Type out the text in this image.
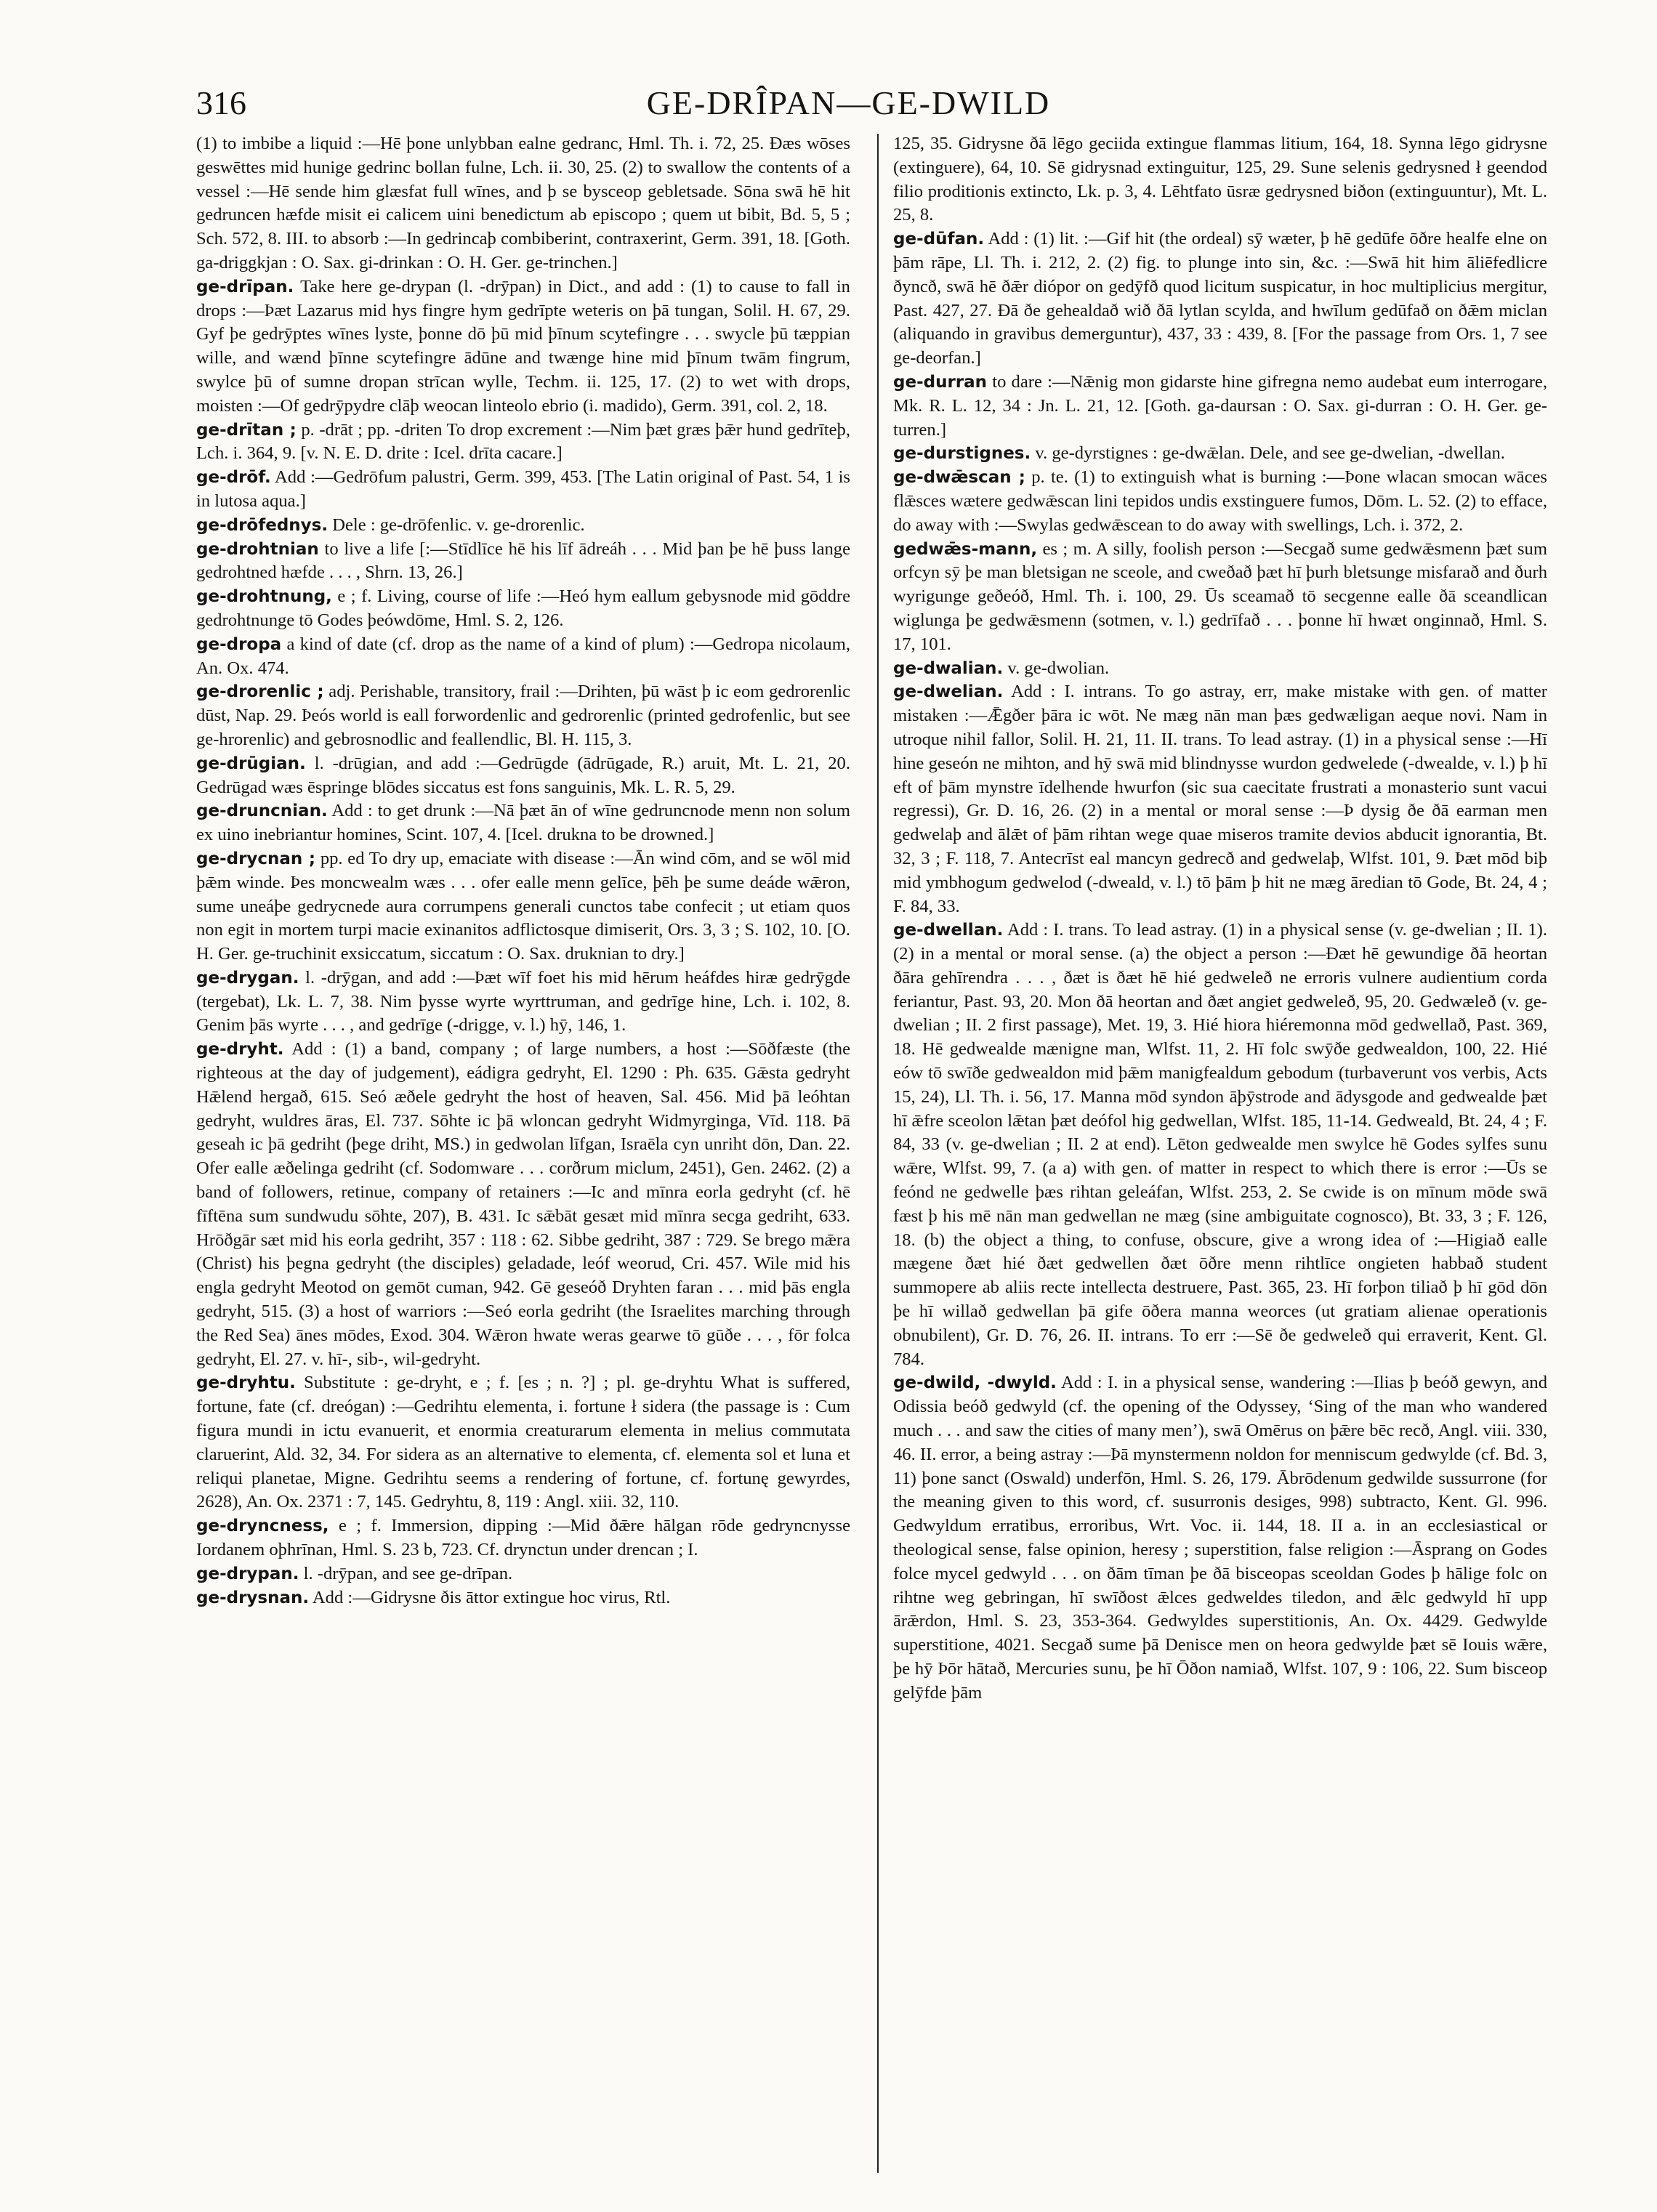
316	GE-DRÎPAN—GE-DWILD

(1) to imbibe a liquid :—Hē þone unlybban ealne gedranc, Hml. Th. i. 72, 25. Ðæs wōses geswēttes mid hunige gedrinc bollan fulne, Lch. ii. 30, 25. (2) to swallow the contents of a vessel :—Hē sende him glæsfat full wīnes, and þ se bysceop gebletsade. Sōna swā hē hit gedruncen hæfde misit ei calicem uini benedictum ab episcopo ; quem ut bibit, Bd. 5, 5 ; Sch. 572, 8. III. to absorb :—In gedrincaþ combiberint, contraxerint, Germ. 391, 18. [Goth. ga-driggkjan : O. Sax. gi-drinkan : O. H. Ger. ge-trinchen.]

ge-drīpan. Take here ge-drypan (l. -drȳpan) in Dict., and add : (1) to cause to fall in drops :—Þæt Lazarus mid hys fingre hym gedrīpte weteris on þā tungan, Solil. H. 67, 29. Gyf þe gedrȳptes wīnes lyste, þonne dō þū mid þīnum scytefingre . . . swycle þū tæppian wille, and wænd þīnne scytefingre ādūne and twænge hine mid þīnum twām fingrum, swylce þū of sumne dropan strīcan wylle, Techm. ii. 125, 17. (2) to wet with drops, moisten :—Of gedrȳpydre clāþ weocan linteolo ebrio (i. madido), Germ. 391, col. 2, 18.

ge-drītan ; p. -drāt ; pp. -driten To drop excrement :—Nim þæt græs þǣr hund gedrīteþ, Lch. i. 364, 9. [v. N. E. D. drite : Icel. drīta cacare.]

ge-drōf. Add :—Gedrōfum palustri, Germ. 399, 453. [The Latin original of Past. 54, 1 is in lutosa aqua.]

ge-drōfednys. Dele : ge-drōfenlic. v. ge-drorenlic.

ge-drohtnian to live a life [:—Stīdlīce hē his līf ādreáh . . . Mid þan þe hē þuss lange gedrohtned hæfde . . . , Shrn. 13, 26.]

ge-drohtnung, e ; f. Living, course of life :—Heó hym eallum gebysnode mid gōddre gedrohtnunge tō Godes þeówdōme, Hml. S. 2, 126.

ge-dropa a kind of date (cf. drop as the name of a kind of plum) :—Gedropa nicolaum, An. Ox. 474.

ge-drorenlic ; adj. Perishable, transitory, frail :—Drihten, þū wāst þ ic eom gedrorenlic dūst, Nap. 29. Þeós world is eall forwordenlic and gedrorenlic (printed gedrofenlic, but see ge-hrorenlic) and gebrosnodlic and feallendlic, Bl. H. 115, 3.

ge-drūgian. l. -drūgian, and add :—Gedrūgde (ādrūgade, R.) aruit, Mt. L. 21, 20. Gedrūgad wæs ēspringe blōdes siccatus est fons sanguinis, Mk. L. R. 5, 29.

ge-druncnian. Add : to get drunk :—Nā þæt ān of wīne gedruncnode menn non solum ex uino inebriantur homines, Scint. 107, 4. [Icel. drukna to be drowned.]

ge-drycnan ; pp. ed To dry up, emaciate with disease :—Ān wind cōm, and se wōl mid þǣm winde. Þes moncwealm wæs . . . ofer ealle menn gelīce, þēh þe sume deáde wǣron, sume uneáþe gedrycnede aura corrumpens generali cunctos tabe confecit ; ut etiam quos non egit in mortem turpi macie exinanitos adflictosque dimiserit, Ors. 3, 3 ; S. 102, 10. [O. H. Ger. ge-truchinit exsiccatum, siccatum : O. Sax. druknian to dry.]

ge-drygan. l. -drȳgan, and add :—Þæt wīf foet his mid hērum heáfdes hiræ gedrȳgde (tergebat), Lk. L. 7, 38. Nim þysse wyrte wyrttruman, and gedrīge hine, Lch. i. 102, 8. Genim þās wyrte . . . , and gedrīge (-drigge, v. l.) hȳ, 146, 1.

ge-dryht. Add : (1) a band, company ; of large numbers, a host :—Sōðfæste (the righteous at the day of judgement), eádigra gedryht, El. 1290 : Ph. 635. Gǣsta gedryht Hǣlend hergað, 615. Seó æðele gedryht the host of heaven, Sal. 456. Mid þā leóhtan gedryht, wuldres āras, El. 737. Sōhte ic þā wloncan gedryht Widmyrginga, Vīd. 118. Þā geseah ic þā gedriht (þege driht, MS.) in gedwolan līfgan, Israēla cyn unriht dōn, Dan. 22. Ofer ealle æðelinga gedriht (cf. Sodomware . . . corðrum miclum, 2451), Gen. 2462. (2) a band of followers, retinue, company of retainers :—Ic and mīnra eorla gedryht (cf. hē fīftēna sum sundwudu sōhte, 207), B. 431. Ic sǣbāt gesæt mid mīnra secga gedriht, 633. Hrōðgār sæt mid his eorla gedriht, 357 : 118 : 62. Sibbe gedriht, 387 : 729. Se brego mǣra (Christ) his þegna gedryht (the disciples) geladade, leóf weorud, Cri. 457. Wile mid his engla gedryht Meotod on gemōt cuman, 942. Gē geseóð Dryhten faran . . . mid þās engla gedryht, 515. (3) a host of warriors :—Seó eorla gedriht (the Israelites marching through the Red Sea) ānes mōdes, Exod. 304. Wǣron hwate weras gearwe tō gūðe . . . , fōr folca gedryht, El. 27. v. hī-, sib-, wil-gedryht.

ge-dryhtu. Substitute : ge-dryht, e ; f. [es ; n. ?] ; pl. ge-dryhtu What is suffered, fortune, fate (cf. dreógan) :—Gedrihtu elementa, i. fortune ł sidera (the passage is : Cum figura mundi in ictu evanuerit, et enormia creaturarum elementa in melius commutata claruerint, Ald. 32, 34. For sidera as an alternative to elementa, cf. elementa sol et luna et reliqui planetae, Migne. Gedrihtu seems a rendering of fortune, cf. fortunę gewyrdes, 2628), An. Ox. 2371 : 7, 145. Gedryhtu, 8, 119 : Angl. xiii. 32, 110.

ge-dryncness, e ; f. Immersion, dipping :—Mid ðǣre hālgan rōde gedryncnysse Iordanem oþhrīnan, Hml. S. 23 b, 723. Cf. drynctun under drencan ; I.

ge-drypan. l. -drȳpan, and see ge-drīpan.

ge-drysnan. Add :—Gidrysne ðis āttor extingue hoc virus, Rtl.

125, 35. Gidrysne ðā lēgo geciida extingue flammas litium, 164, 18. Synna lēgo gidrysne (extinguere), 64, 10. Sē gidrysnad extinguitur, 125, 29. Sune selenis gedrysned ł geendod filio proditionis extincto, Lk. p. 3, 4. Lēhtfato ūsræ gedrysned biðon (extinguuntur), Mt. L. 25, 8.

ge-dūfan. Add : (1) lit. :—Gif hit (the ordeal) sȳ wæter, þ hē gedūfe ōðre healfe elne on þām rāpe, Ll. Th. i. 212, 2. (2) fig. to plunge into sin, &c. :—Swā hit him āliēfedlicre ðyncð, swā hē ðǣr diópor on gedȳfð quod licitum suspicatur, in hoc multiplicius mergitur, Past. 427, 27. Ðā ðe gehealdað wið ðā lytlan scylda, and hwīlum gedūfað on ðǣm miclan (aliquando in gravibus demerguntur), 437, 33 : 439, 8. [For the passage from Ors. 1, 7 see ge-deorfan.]

ge-durran to dare :—Nǣnig mon gidarste hine gifregna nemo audebat eum interrogare, Mk. R. L. 12, 34 : Jn. L. 21, 12. [Goth. ga-daursan : O. Sax. gi-durran : O. H. Ger. ge-turren.]

ge-durstignes. v. ge-dyrstignes : ge-dwǣlan. Dele, and see ge-dwelian, -dwellan.

ge-dwǣscan ; p. te. (1) to extinguish what is burning :—Þone wlacan smocan wāces flǣsces wætere gedwǣscan lini tepidos undis exstinguere fumos, Dōm. L. 52. (2) to efface, do away with :—Swylas gedwǣscean to do away with swellings, Lch. i. 372, 2.

gedwǣs-mann, es ; m. A silly, foolish person :—Secgað sume gedwǣsmenn þæt sum orfcyn sȳ þe man bletsigan ne sceole, and cweðað þæt hī þurh bletsunge misfarað and ðurh wyrigunge geðeóð, Hml. Th. i. 100, 29. Ūs sceamað tō secgenne ealle ðā sceandlican wiglunga þe gedwǣsmenn (sotmen, v. l.) gedrīfað . . . þonne hī hwæt onginnað, Hml. S. 17, 101.

ge-dwalian. v. ge-dwolian.

ge-dwelian. Add : I. intrans. To go astray, err, make mistake with gen. of matter mistaken :—Ǣgðer þāra ic wōt. Ne mæg nān man þæs gedwæligan aeque novi. Nam in utroque nihil fallor, Solil. H. 21, 11. II. trans. To lead astray. (1) in a physical sense :—Hī hine geseón ne mihton, and hȳ swā mid blindnysse wurdon gedwelede (-dwealde, v. l.) þ hī eft of þām mynstre īdelhende hwurfon (sic sua caecitate frustrati a monasterio sunt vacui regressi), Gr. D. 16, 26. (2) in a mental or moral sense :—Þ dysig ðe ðā earman men gedwelaþ and ālǣt of þām rihtan wege quae miseros tramite devios abducit ignorantia, Bt. 32, 3 ; F. 118, 7. Antecrīst eal mancyn gedrecð and gedwelaþ, Wlfst. 101, 9. Þæt mōd biþ mid ymbhogum gedwelod (-dweald, v. l.) tō þām þ hit ne mæg āredian tō Gode, Bt. 24, 4 ; F. 84, 33.

ge-dwellan. Add : I. trans. To lead astray. (1) in a physical sense (v. ge-dwelian ; II. 1). (2) in a mental or moral sense. (a) the object a person :—Ðæt hē gewundige ðā heortan ðāra gehīrendra . . . , ðæt is ðæt hē hié gedweleð ne erroris vulnere audientium corda feriantur, Past. 93, 20. Mon ðā heortan and ðæt angiet gedweleð, 95, 20. Gedwæleð (v. ge-dwelian ; II. 2 first passage), Met. 19, 3. Hié hiora hiéremonna mōd gedwellað, Past. 369, 18. Hē gedwealde mænigne man, Wlfst. 11, 2. Hī folc swȳðe gedwealdon, 100, 22. Hié eów tō swīðe gedwealdon mid þǣm manigfealdum gebodum (turbaverunt vos verbis, Acts 15, 24), Ll. Th. i. 56, 17. Manna mōd syndon āþȳstrode and ādysgode and gedwealde þæt hī ǣfre sceolon lǣtan þæt deófol hig gedwellan, Wlfst. 185, 11-14. Gedweald, Bt. 24, 4 ; F. 84, 33 (v. ge-dwelian ; II. 2 at end). Lēton gedwealde men swylce hē Godes sylfes sunu wǣre, Wlfst. 99, 7. (a a) with gen. of matter in respect to which there is error :—Ūs se feónd ne gedwelle þæs rihtan geleáfan, Wlfst. 253, 2. Se cwide is on mīnum mōde swā fæst þ his mē nān man gedwellan ne mæg (sine ambiguitate cognosco), Bt. 33, 3 ; F. 126, 18. (b) the object a thing, to confuse, obscure, give a wrong idea of :—Higiað ealle mægene ðæt hié ðæt gedwellen ðæt ōðre menn rihtlīce ongieten habbað student summopere ab aliis recte intellecta destruere, Past. 365, 23. Hī forþon tiliað þ hī gōd dōn þe hī willað gedwellan þā gife ōðera manna weorces (ut gratiam alienae operationis obnubilent), Gr. D. 76, 26. II. intrans. To err :—Sē ðe gedweleð qui erraverit, Kent. Gl. 784.

ge-dwild, -dwyld. Add : I. in a physical sense, wandering :—Ilias þ beóð gewyn, and Odissia beóð gedwyld (cf. the opening of the Odyssey, ‘Sing of the man who wandered much . . . and saw the cities of many men’), swā Omērus on þǣre bēc recð, Angl. viii. 330, 46. II. error, a being astray :—Þā mynstermenn noldon for menniscum gedwylde (cf. Bd. 3, 11) þone sanct (Oswald) underfōn, Hml. S. 26, 179. Ābrōdenum gedwilde sussurrone (for the meaning given to this word, cf. susurronis desiges, 998) subtracto, Kent. Gl. 996. Gedwyldum erratibus, erroribus, Wrt. Voc. ii. 144, 18. II a. in an ecclesiastical or theological sense, false opinion, heresy ; superstition, false religion :—Āsprang on Godes folce mycel gedwyld . . . on ðām tīman þe ðā bisceopas sceoldan Godes þ hālige folc on rihtne weg gebringan, hī swīðost ǣlces gedweldes tiledon, and ǣlc gedwyld hī upp ārǣrdon, Hml. S. 23, 353-364. Gedwyldes superstitionis, An. Ox. 4429. Gedwylde superstitione, 4021. Secgað sume þā Denisce men on heora gedwylde þæt sē Iouis wǣre, þe hȳ Þōr hātað, Mercuries sunu, þe hī Ōðon namiað, Wlfst. 107, 9 : 106, 22. Sum bisceop gelȳfde þām
